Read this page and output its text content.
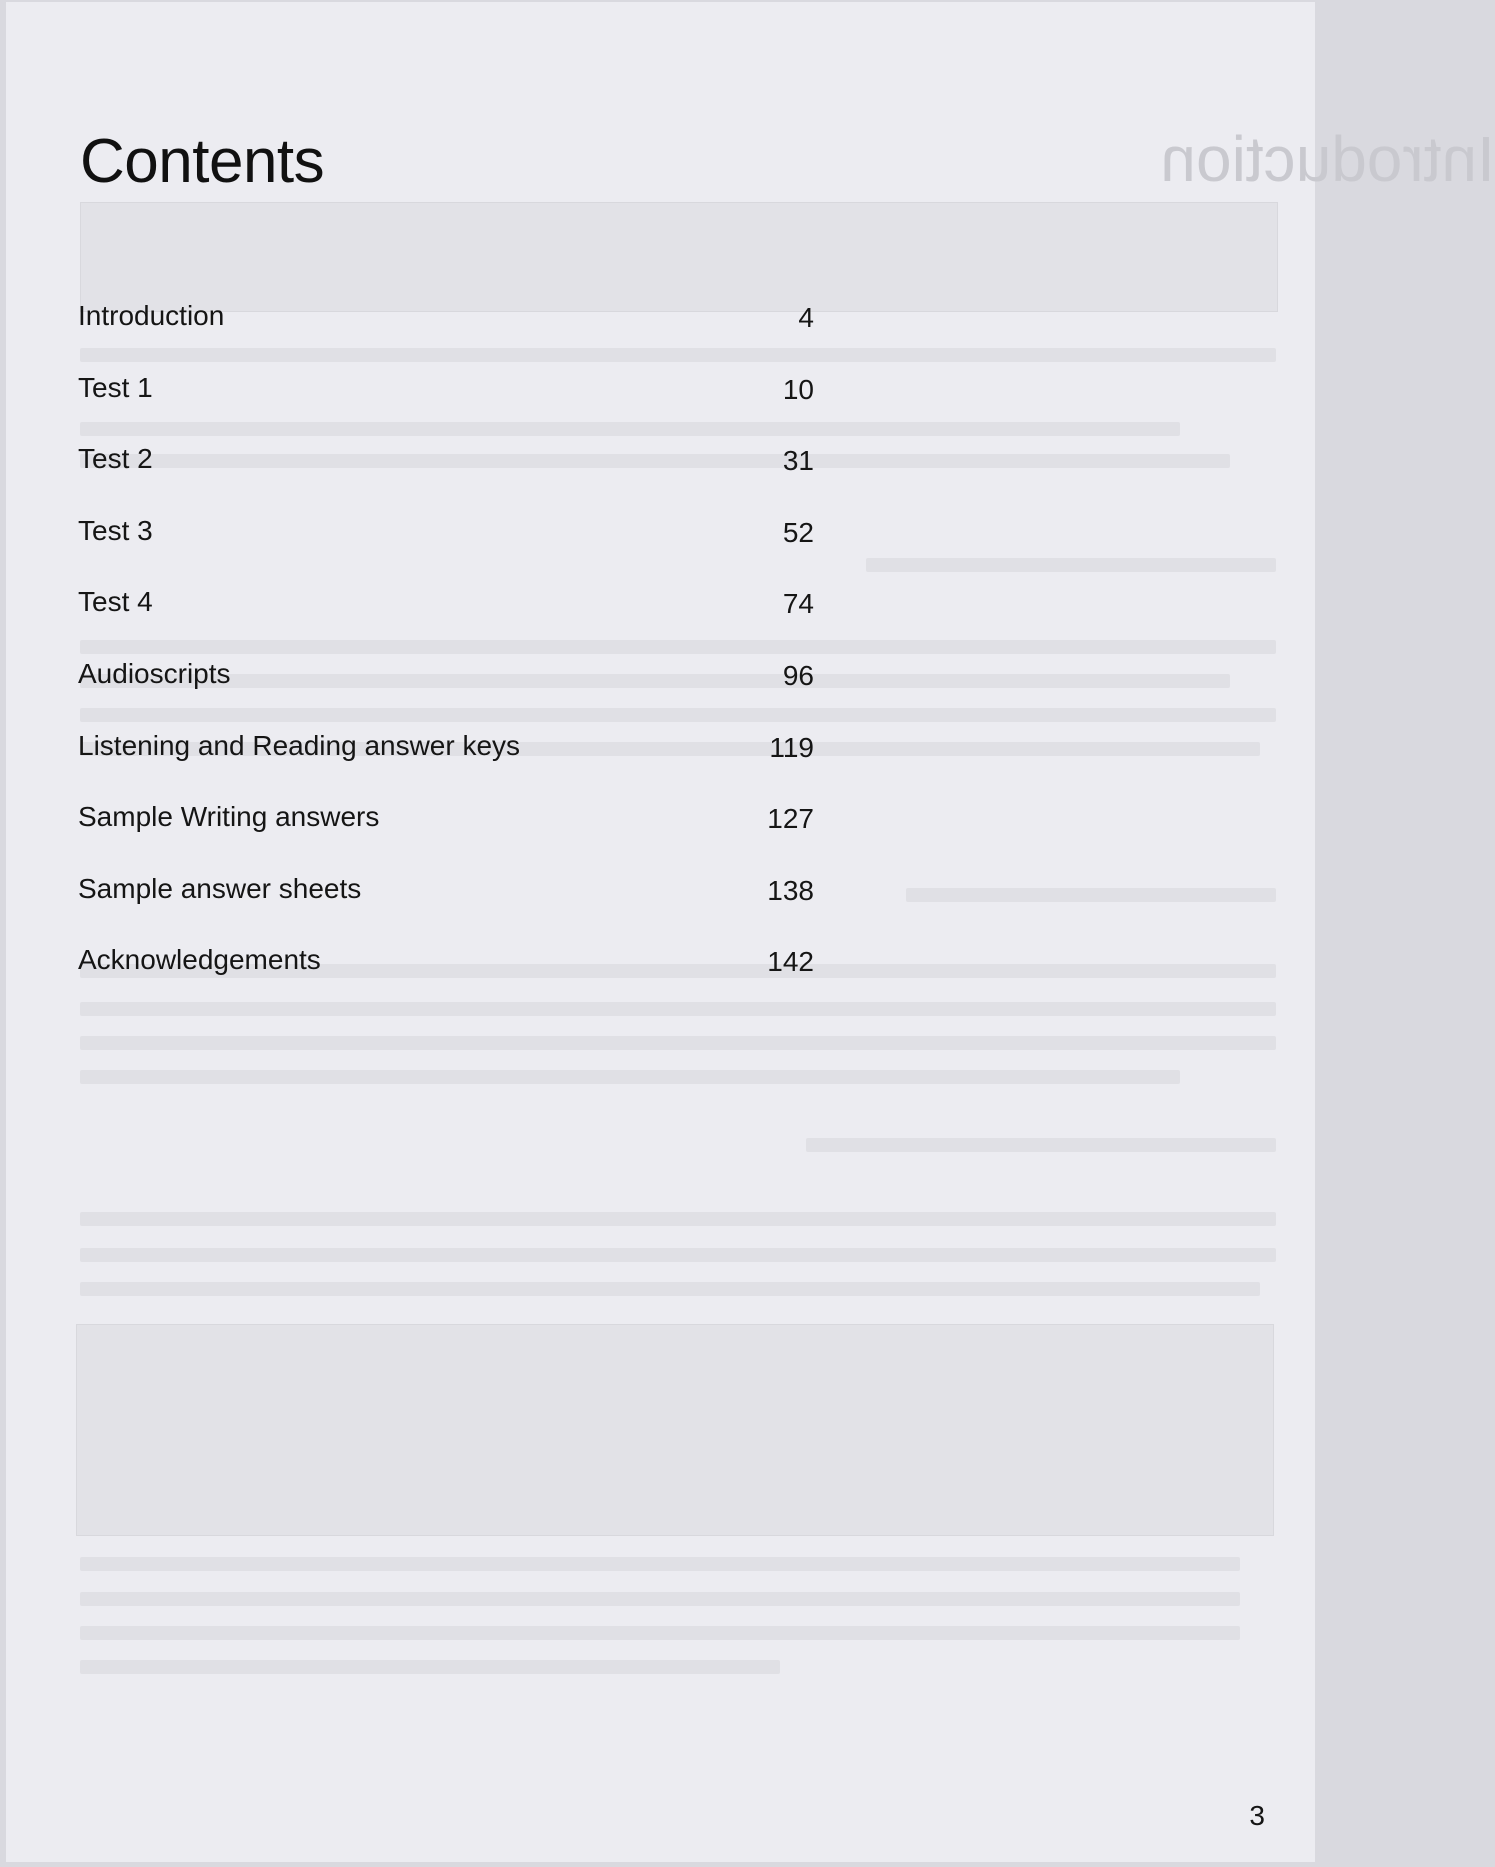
Introduction
Contents
Introduction	4
Test 1	10
Test 2	31
Test 3	52
Test 4	74
Audioscripts	96
Listening and Reading answer keys	119
Sample Writing answers	127
Sample answer sheets	138
Acknowledgements	142
3
